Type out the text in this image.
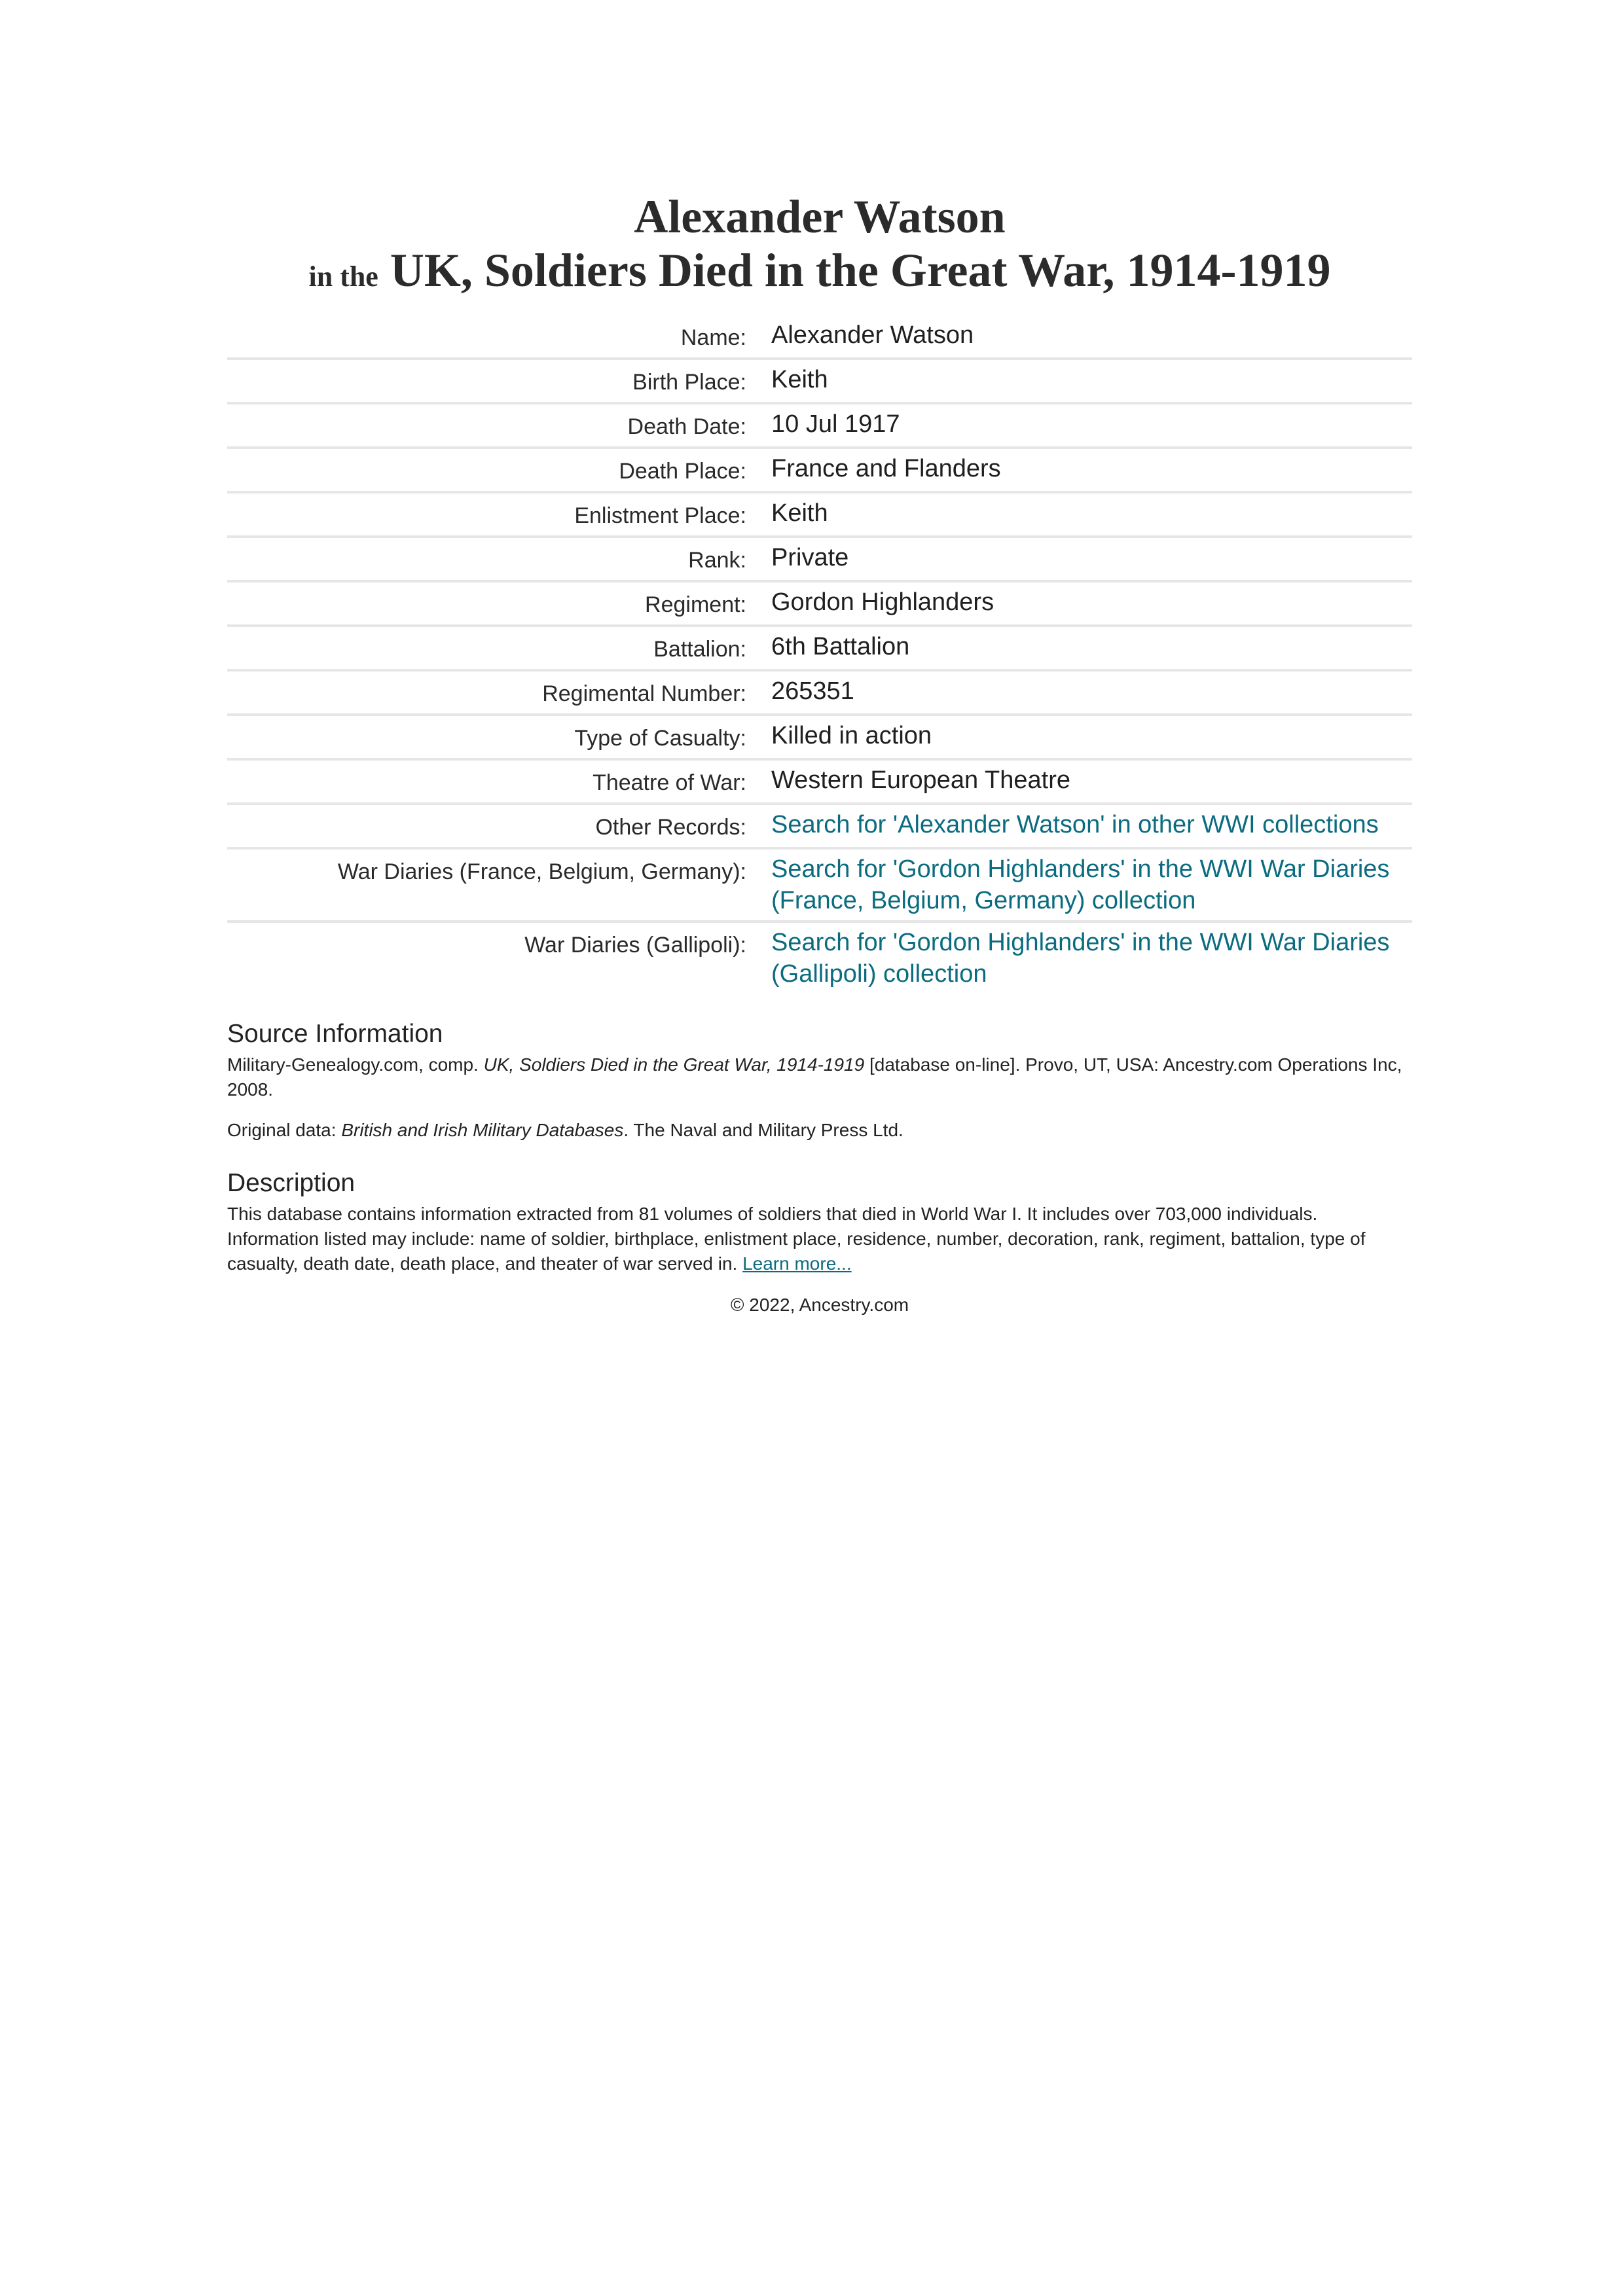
Alexander Watson
in the UK, Soldiers Died in the Great War, 1914-1919
Name:	Alexander Watson
Birth Place:	Keith
Death Date:	10 Jul 1917
Death Place:	France and Flanders
Enlistment Place:	Keith
Rank:	Private
Regiment:	Gordon Highlanders
Battalion:	6th Battalion
Regimental Number:	265351
Type of Casualty:	Killed in action
Theatre of War:	Western European Theatre
Other Records:	Search for 'Alexander Watson' in other WWI collections
War Diaries (France, Belgium, Germany):	Search for 'Gordon Highlanders' in the WWI War Diaries (France, Belgium, Germany) collection
War Diaries (Gallipoli):	Search for 'Gordon Highlanders' in the WWI War Diaries (Gallipoli) collection
Source Information

Military-Genealogy.com, comp. UK, Soldiers Died in the Great War, 1914-1919 [database on-line]. Provo, UT, USA: Ancestry.com Operations Inc, 2008.

Original data: British and Irish Military Databases. The Naval and Military Press Ltd.

Description

This database contains information extracted from 81 volumes of soldiers that died in World War I. It includes over 703,000 individuals. Information listed may include: name of soldier, birthplace, enlistment place, residence, number, decoration, rank, regiment, battalion, type of casualty, death date, death place, and theater of war served in. Learn more...

© 2022, Ancestry.com
